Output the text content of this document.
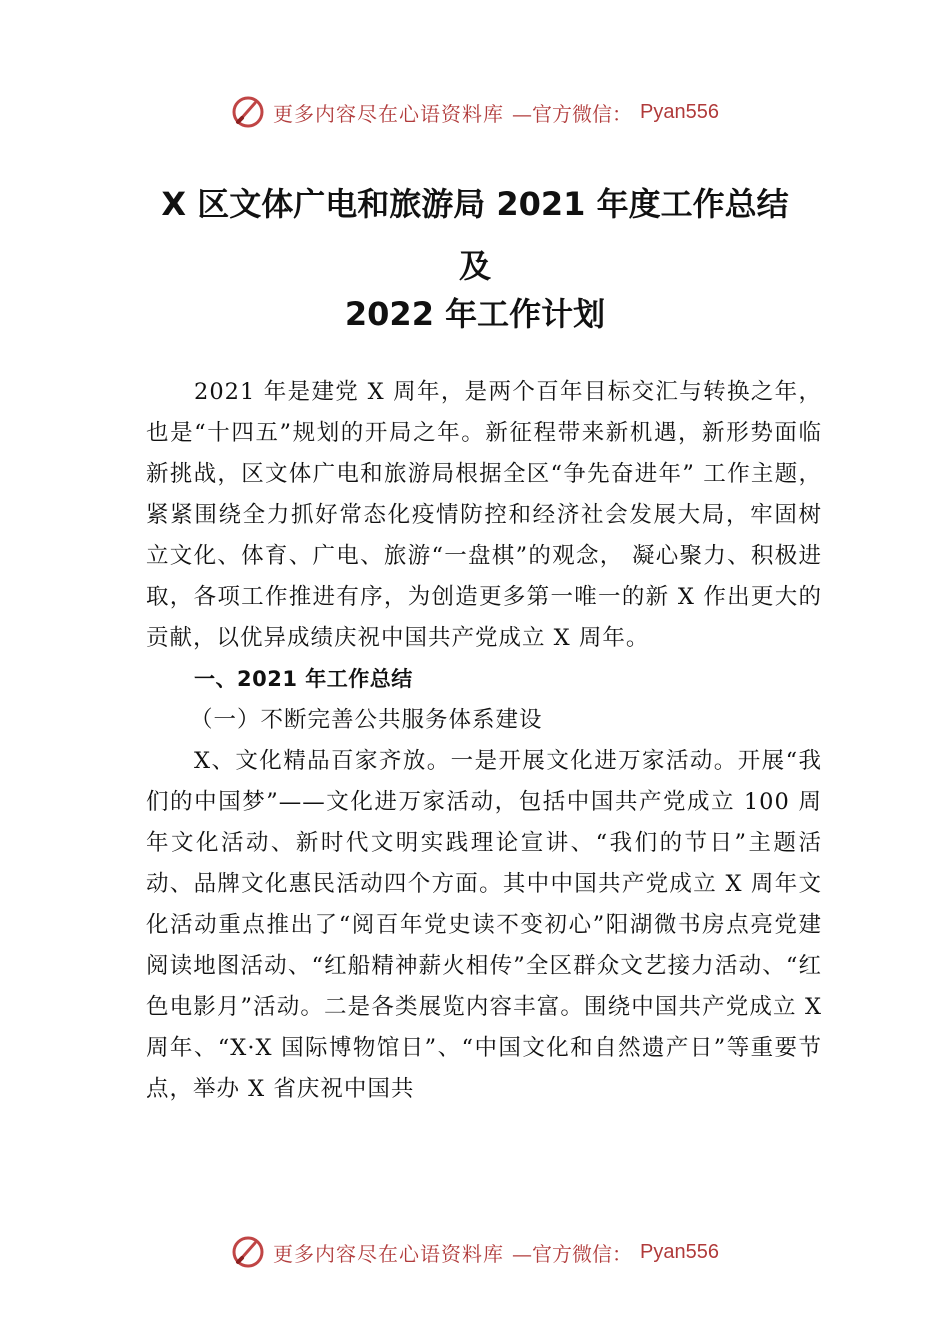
更多内容尽在心语资料库 —官方微信： Pyan556
X 区文体广电和旅游局 2021 年度工作总结
及
2022 年工作计划

2021 年是建党 X 周年，是两个百年目标交汇与转换之年，也是“十四五”规划的开局之年。新征程带来新机遇，新形势面临新挑战，区文体广电和旅游局根据全区“争先奋进年” 工作主题，紧紧围绕全力抓好常态化疫情防控和经济社会发展大局，牢固树立文化、体育、广电、旅游“一盘棋”的观念， 凝心聚力、积极进取，各项工作推进有序，为创造更多第一唯一的新 X 作出更大的贡献，以优异成绩庆祝中国共产党成立 X 周年。

一、2021 年工作总结

（一）不断完善公共服务体系建设

X、文化精品百家齐放。一是开展文化进万家活动。开展“我们的中国梦”——文化进万家活动，包括中国共产党成立 100 周年文化活动、新时代文明实践理论宣讲、“我们的节日”主题活动、品牌文化惠民活动四个方面。其中中国共产党成立 X 周年文化活动重点推出了“阅百年党史读不变初心”阳湖微书房点亮党建阅读地图活动、“红船精神薪火相传”全区群众文艺接力活动、“红色电影月”活动。二是各类展览内容丰富。围绕中国共产党成立 X 周年、“X·X 国际博物馆日”、“中国文化和自然遗产日”等重要节点，举办 X 省庆祝中国共

更多内容尽在心语资料库 —官方微信： Pyan556
